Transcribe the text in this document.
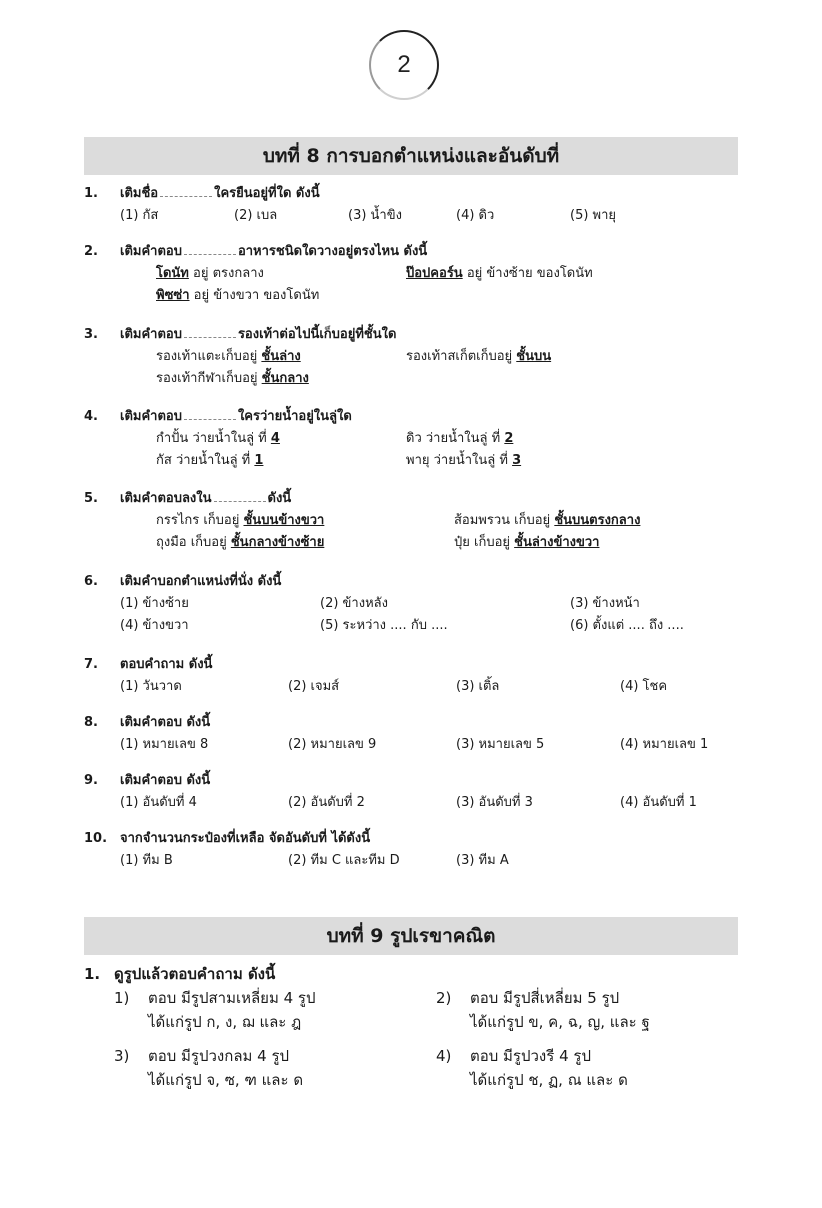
2
บทที่ 8 การบอกตำแหน่งและอันดับที่
1. เติมชื่อ	ใครยืนอยู่ที่ใด ดังนี้
(1) กัส	(2) เบล	(3) น้ำขิง	(4) ดิว	(5) พายุ
2. เติมคำตอบ	อาหารชนิดใดวางอยู่ตรงไหน ดังนี้
โดนัท อยู่ ตรงกลาง	ป๊อปคอร์น อยู่ ข้างซ้าย ของโดนัท
พิซซ่า อยู่ ข้างขวา ของโดนัท
3. เติมคำตอบ	รองเท้าต่อไปนี้เก็บอยู่ที่ชั้นใด
รองเท้าแตะเก็บอยู่ ชั้นล่าง	รองเท้าสเก็ตเก็บอยู่ ชั้นบน
รองเท้ากีฬาเก็บอยู่ ชั้นกลาง
4. เติมคำตอบ	ใครว่ายน้ำอยู่ในลู่ใด
กำปั้น ว่ายน้ำในลู่ ที่ 4	ดิว ว่ายน้ำในลู่ ที่ 2
กัส ว่ายน้ำในลู่ ที่ 1	พายุ ว่ายน้ำในลู่ ที่ 3
5. เติมคำตอบลงใน	ดังนี้
กรรไกร เก็บอยู่ ชั้นบนข้างขวา	ส้อมพรวน เก็บอยู่ ชั้นบนตรงกลาง
ถุงมือ เก็บอยู่ ชั้นกลางข้างซ้าย	ปุ๋ย เก็บอยู่ ชั้นล่างข้างขวา
6. เติมคำบอกตำแหน่งที่นั่ง ดังนี้
(1) ข้างซ้าย	(2) ข้างหลัง	(3) ข้างหน้า
(4) ข้างขวา	(5) ระหว่าง .... กับ ....	(6) ตั้งแต่ .... ถึง ....
7. ตอบคำถาม ดังนี้
(1) วันวาด	(2) เจมส์	(3) เติ้ล	(4) โชค
8. เติมคำตอบ ดังนี้
(1) หมายเลข 8	(2) หมายเลข 9	(3) หมายเลข 5	(4) หมายเลข 1
9. เติมคำตอบ ดังนี้
(1) อันดับที่ 4	(2) อันดับที่ 2	(3) อันดับที่ 3	(4) อันดับที่ 1
10. จากจำนวนกระป๋องที่เหลือ จัดอันดับที่ ได้ดังนี้
(1) ทีม B	(2) ทีม C และทีม D	(3) ทีม A
บทที่ 9 รูปเรขาคณิต
1. ดูรูปแล้วตอบคำถาม ดังนี้
1) ตอบ มีรูปสามเหลี่ยม 4 รูป
ได้แก่รูป ก, ง, ฌ และ ฎ
2) ตอบ มีรูปสี่เหลี่ยม 5 รูป
ได้แก่รูป ข, ค, ฉ, ญ, และ ฐ
3) ตอบ มีรูปวงกลม 4 รูป
ได้แก่รูป จ, ซ, ฑ และ ด
4) ตอบ มีรูปวงรี 4 รูป
ได้แก่รูป ช, ฏ, ณ และ ด
